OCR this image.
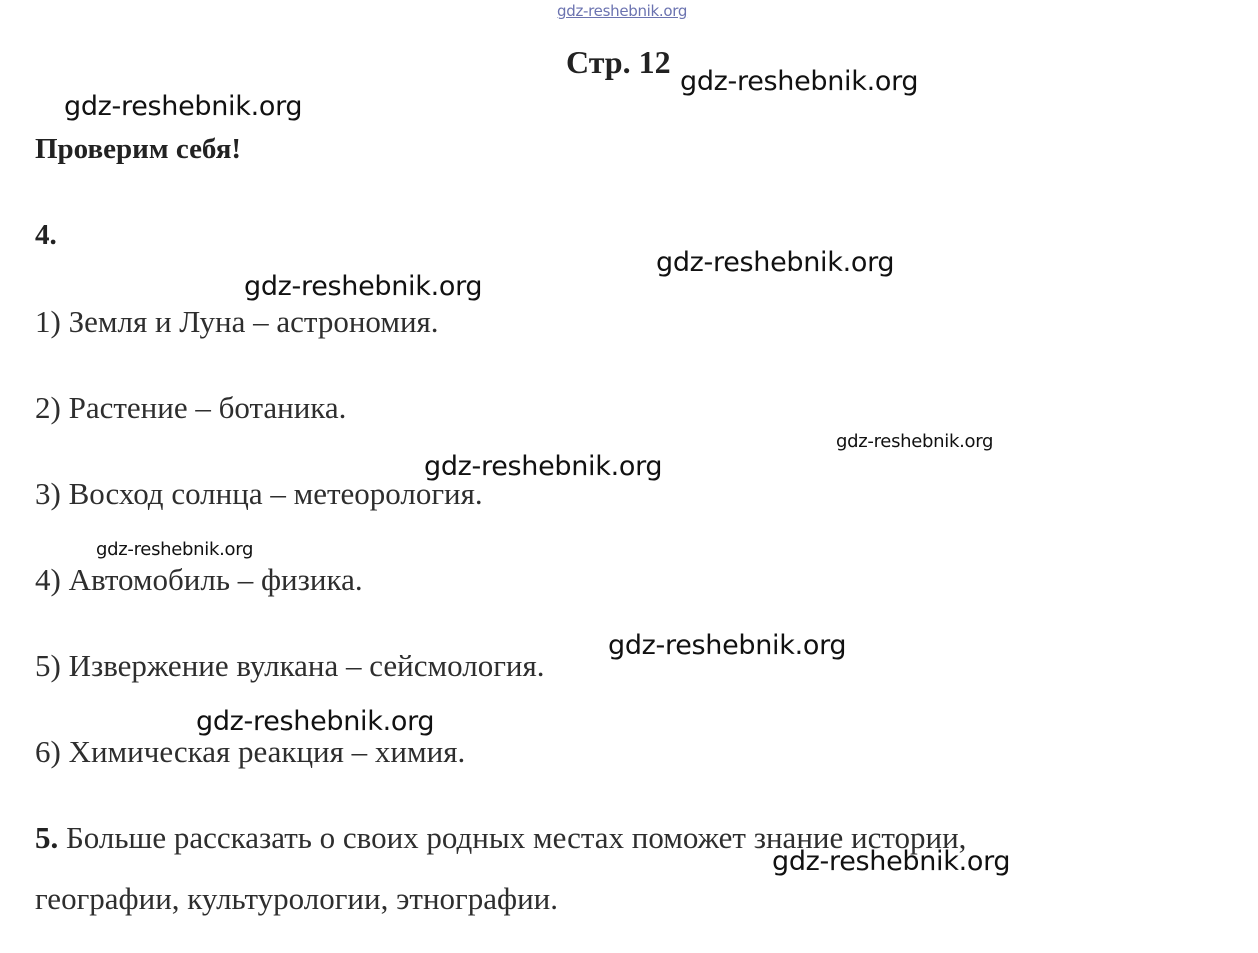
gdz-reshebnik.org
Стр. 12
Проверим себя!
4.
1) Земля и Луна – астрономия.
2) Растение – ботаника.
3) Восход солнца – метеорология.
4) Автомобиль – физика.
5) Извержение вулкана – сейсмология.
6) Химическая реакция – химия.
5. Больше рассказать о своих родных местах поможет знание истории,
географии, культурологии, этнографии.
gdz-reshebnik.org
gdz-reshebnik.org
gdz-reshebnik.org
gdz-reshebnik.org
gdz-reshebnik.org
gdz-reshebnik.org
gdz-reshebnik.org
gdz-reshebnik.org
gdz-reshebnik.org
gdz-reshebnik.org
